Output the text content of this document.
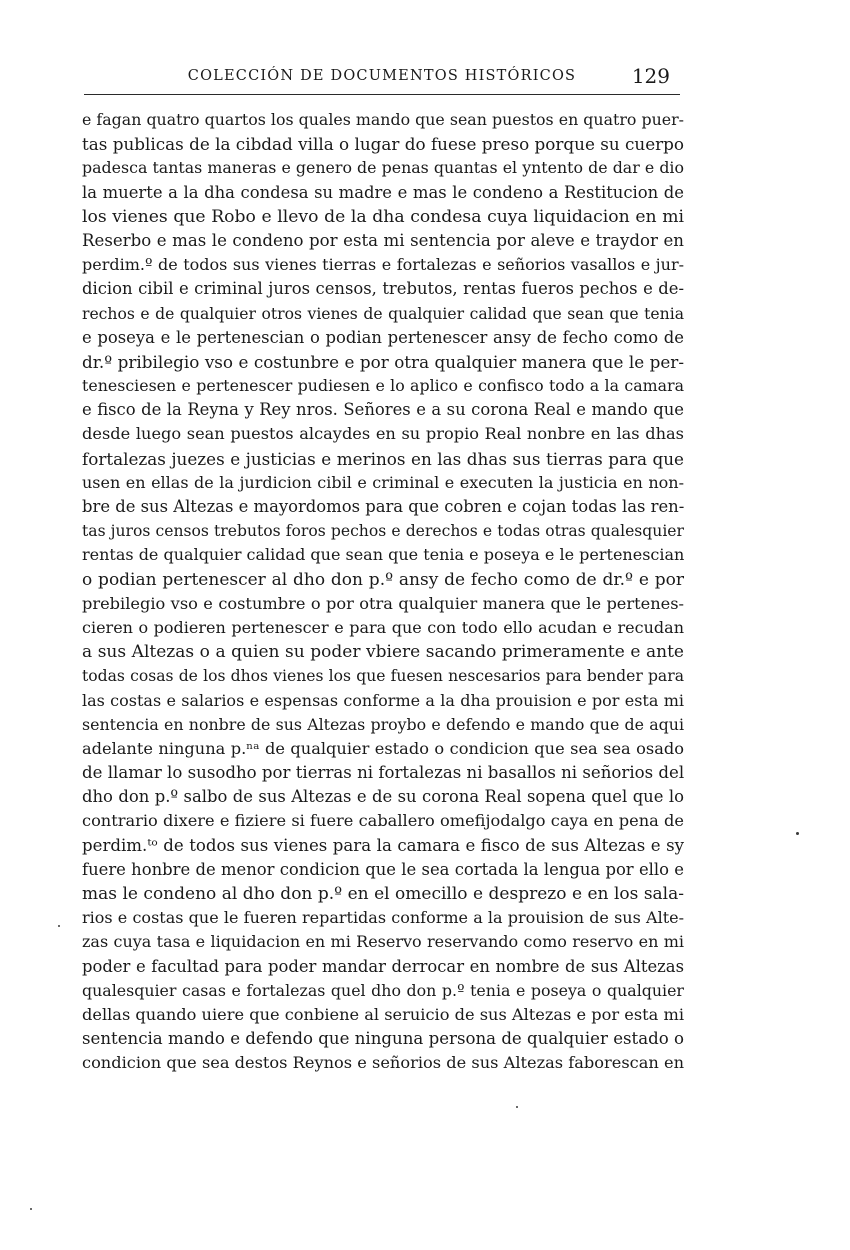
COLECCIÓN DE DOCUMENTOS HISTÓRICOS	129
e fagan quatro quartos los quales mando que sean puestos en quatro puer-
tas publicas de la cibdad villa o lugar do fuese preso porque su cuerpo
padesca tantas maneras e genero de penas quantas el yntento de dar e dio
la muerte a la dha condesa su madre e mas le condeno a Restitucion de
los vienes que Robo e llevo de la dha condesa cuya liquidacion en mi
Reserbo e mas le condeno por esta mi sentencia por aleve e traydor en
perdim.º de todos sus vienes tierras e fortalezas e señorios vasallos e jur-
dicion cibil e criminal juros censos, trebutos, rentas fueros pechos e de-
rechos e de qualquier otros vienes de qualquier calidad que sean que tenia
e poseya e le pertenescian o podian pertenescer ansy de fecho como de
dr.º pribilegio vso e costunbre e por otra qualquier manera que le per-
tenesciesen e pertenescer pudiesen e lo aplico e confisco todo a la camara
e fisco de la Reyna y Rey nros. Señores e a su corona Real e mando que
desde luego sean puestos alcaydes en su propio Real nonbre en las dhas
fortalezas juezes e justicias e merinos en las dhas sus tierras para que
usen en ellas de la jurdicion cibil e criminal e executen la justicia en non-
bre de sus Altezas e mayordomos para que cobren e cojan todas las ren-
tas juros censos trebutos foros pechos e derechos e todas otras qualesquier
rentas de qualquier calidad que sean que tenia e poseya e le pertenescian
o podian pertenescer al dho don p.º ansy de fecho como de dr.º e por
prebilegio vso e costumbre o por otra qualquier manera que le pertenes-
cieren o podieren pertenescer e para que con todo ello acudan e recudan
a sus Altezas o a quien su poder vbiere sacando primeramente e ante
todas cosas de los dhos vienes los que fuesen nescesarios para bender para
las costas e salarios e espensas conforme a la dha prouision e por esta mi
sentencia en nonbre de sus Altezas proybo e defendo e mando que de aqui
adelante ninguna p.ⁿᵃ de qualquier estado o condicion que sea sea osado
de llamar lo susodho por tierras ni fortalezas ni basallos ni señorios del
dho don p.º salbo de sus Altezas e de su corona Real sopena quel que lo
contrario dixere e fiziere si fuere caballero omefijodalgo caya en pena de
perdim.ᵗᵒ de todos sus vienes para la camara e fisco de sus Altezas e sy
fuere honbre de menor condicion que le sea cortada la lengua por ello e
mas le condeno al dho don p.º en el omecillo e desprezo e en los sala-
rios e costas que le fueren repartidas conforme a la prouision de sus Alte-
zas cuya tasa e liquidacion en mi Reservo reservando como reservo en mi
poder e facultad para poder mandar derrocar en nombre de sus Altezas
qualesquier casas e fortalezas quel dho don p.º tenia e poseya o qualquier
dellas quando uiere que conbiene al seruicio de sus Altezas e por esta mi
sentencia mando e defendo que ninguna persona de qualquier estado o
condicion que sea destos Reynos e señorios de sus Altezas faborescan en
